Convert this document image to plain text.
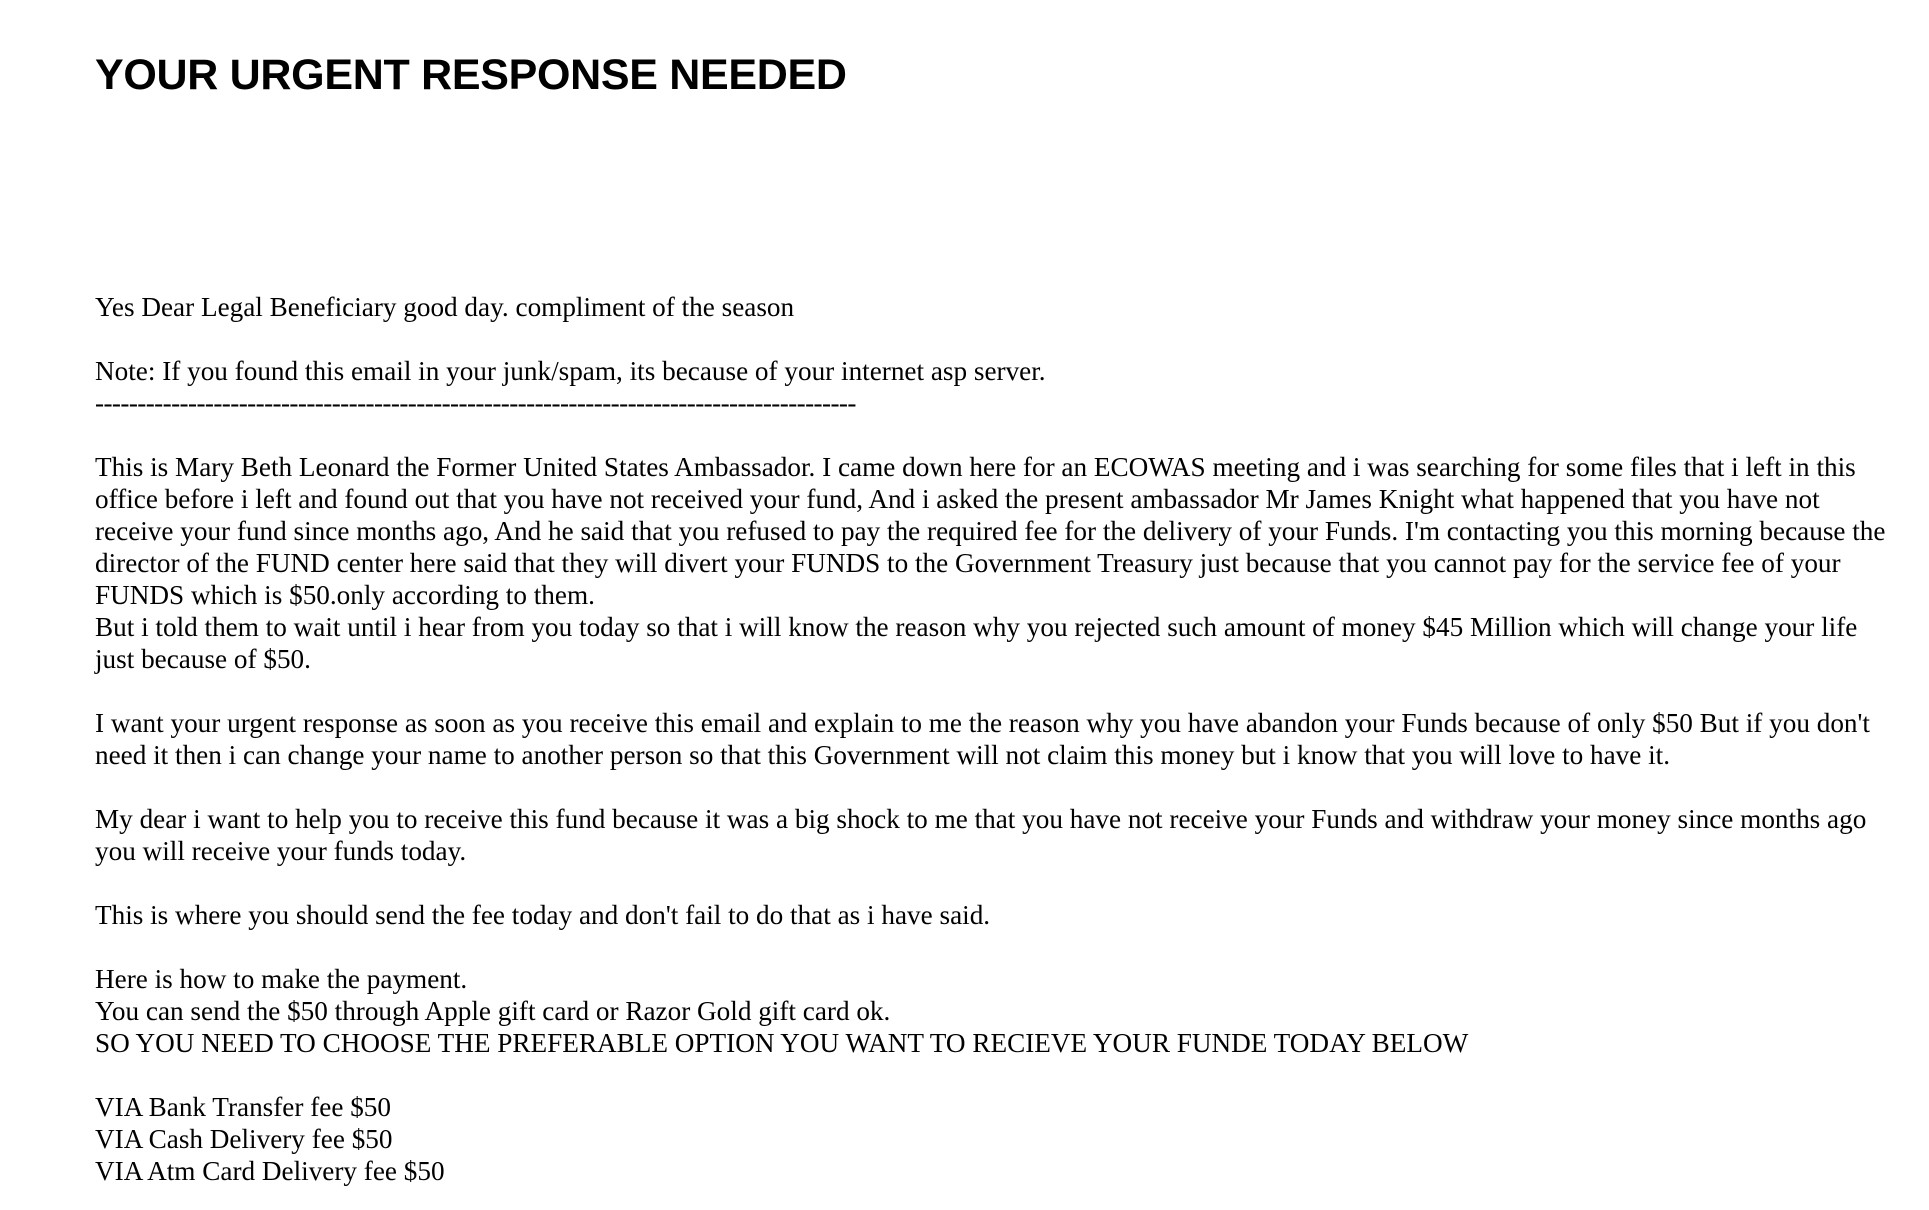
YOUR URGENT RESPONSE NEEDED

Yes Dear Legal Beneficiary good day. compliment of the season

Note: If you found this email in your junk/spam, its because of your internet asp server.

------------------------------------------------------------------------------------------

This is Mary Beth Leonard the Former United States Ambassador. I came down here for an ECOWAS meeting and i was searching for some files that i left in this office before i left and found out that you have not received your fund, And i asked the present ambassador Mr James Knight what happened that you have not receive your fund since months ago, And he said that you refused to pay the required fee for the delivery of your Funds. I'm contacting you this morning because the director of the FUND center here said that they will divert your FUNDS to the Government Treasury just because that you cannot pay for the service fee of your FUNDS which is $50.only according to them.

But i told them to wait until i hear from you today so that i will know the reason why you rejected such amount of money $45 Million which will change your life just because of $50.

I want your urgent response as soon as you receive this email and explain to me the reason why you have abandon your Funds because of only $50 But if you don't need it then i can change your name to another person so that this Government will not claim this money but i know that you will love to have it.

My dear i want to help you to receive this fund because it was a big shock to me that you have not receive your Funds and withdraw your money since months ago you will receive your funds today.

This is where you should send the fee today and don't fail to do that as i have said.

Here is how to make the payment.

You can send the $50 through Apple gift card or Razor Gold gift card ok.

SO YOU NEED TO CHOOSE THE PREFERABLE OPTION YOU WANT TO RECIEVE YOUR FUNDE TODAY BELOW

VIA Bank Transfer fee $50

VIA Cash Delivery fee $50

VIA Atm Card Delivery fee $50
